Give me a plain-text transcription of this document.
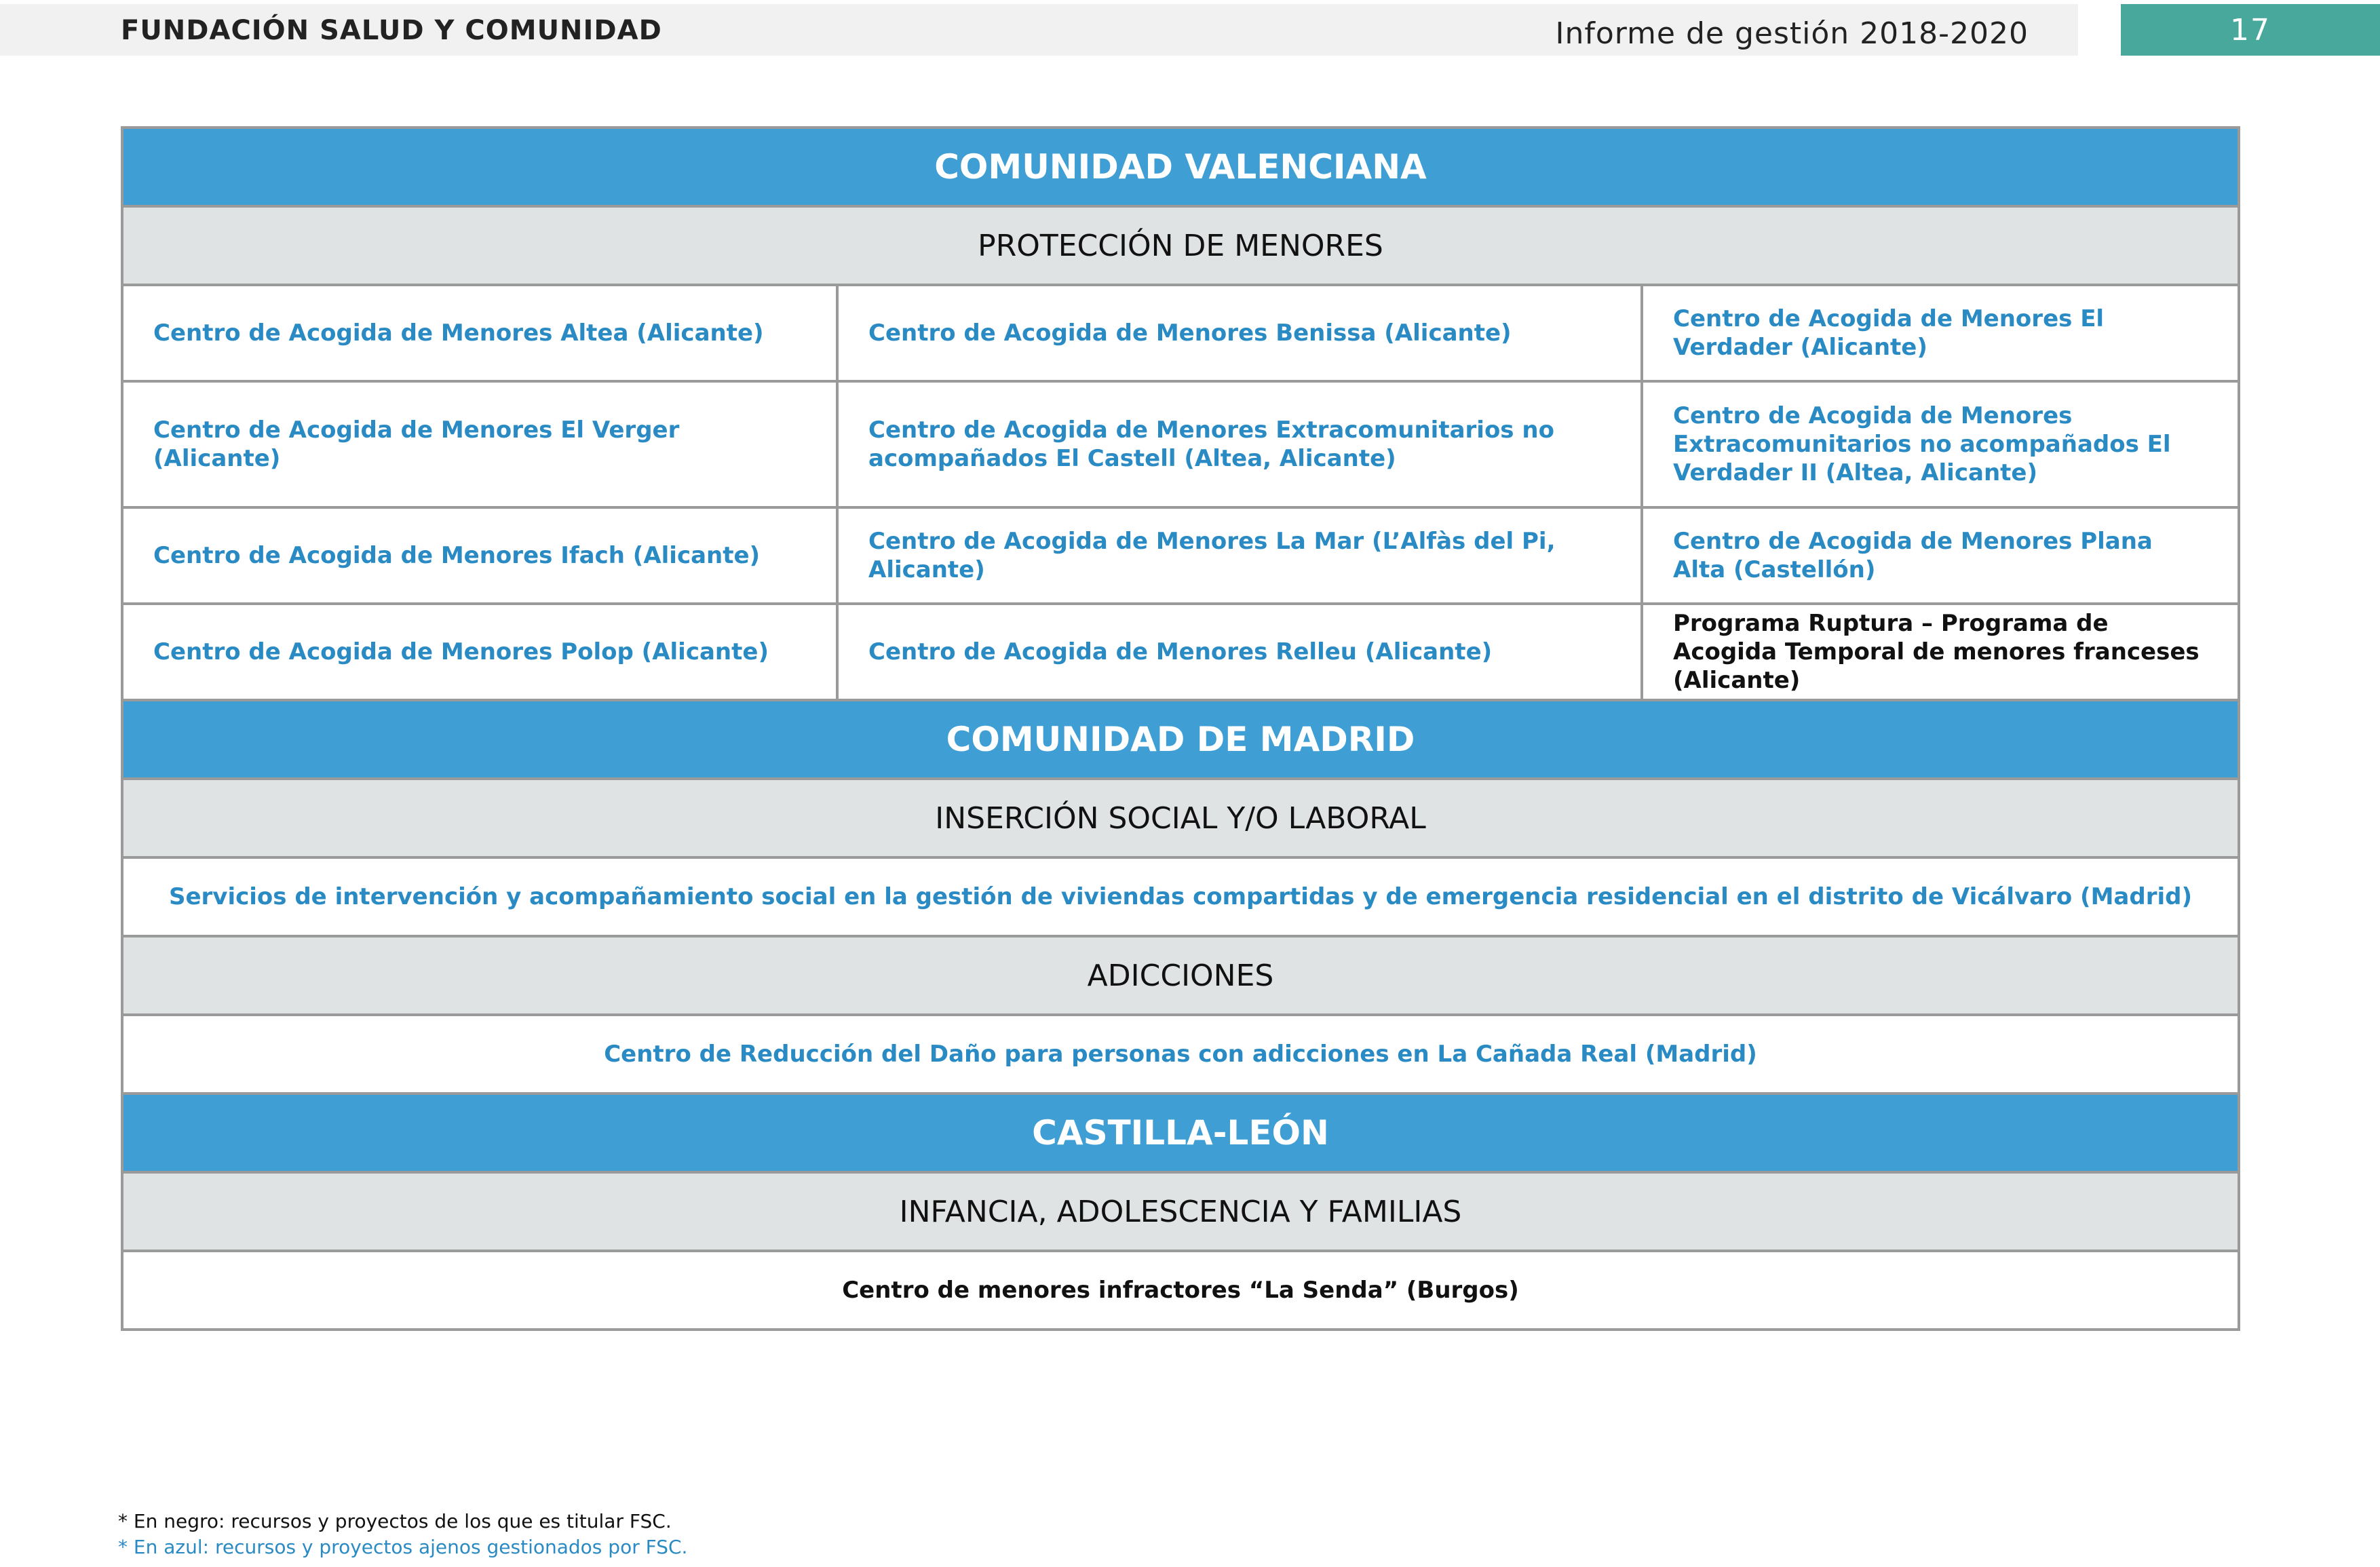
FUNDACIÓN SALUD Y COMUNIDAD	Informe de gestión 2018-2020	17
COMUNIDAD VALENCIANA		
PROTECCIÓN DE MENORES		
Centro de Acogida de Menores Altea (Alicante)	Centro de Acogida de Menores Benissa (Alicante)	Centro de Acogida de Menores El Verdader (Alicante)
Centro de Acogida de Menores El Verger (Alicante)	Centro de Acogida de Menores Extracomunitarios no acompañados El Castell (Altea, Alicante)	Centro de Acogida de Menores Extracomunitarios no acompañados El Verdader II (Altea, Alicante)
Centro de Acogida de Menores Ifach (Alicante)	Centro de Acogida de Menores La Mar (L’Alfàs del Pi, Alicante)	Centro de Acogida de Menores Plana Alta (Castellón)
Centro de Acogida de Menores Polop (Alicante)	Centro de Acogida de Menores Relleu (Alicante)	Programa Ruptura – Programa de Acogida Temporal de menores franceses (Alicante)
COMUNIDAD DE MADRID		
INSERCIÓN SOCIAL Y/O LABORAL		
Servicios de intervención y acompañamiento social en la gestión de viviendas compartidas y de emergencia residencial en el distrito de Vicálvaro (Madrid)		
ADICCIONES		
Centro de Reducción del Daño para personas con adicciones en La Cañada Real (Madrid)		
CASTILLA-LEÓN		
INFANCIA, ADOLESCENCIA Y FAMILIAS		
Centro de menores infractores “La Senda” (Burgos)		
* En negro: recursos y proyectos de los que es titular FSC.
* En azul: recursos y proyectos ajenos gestionados por FSC.
